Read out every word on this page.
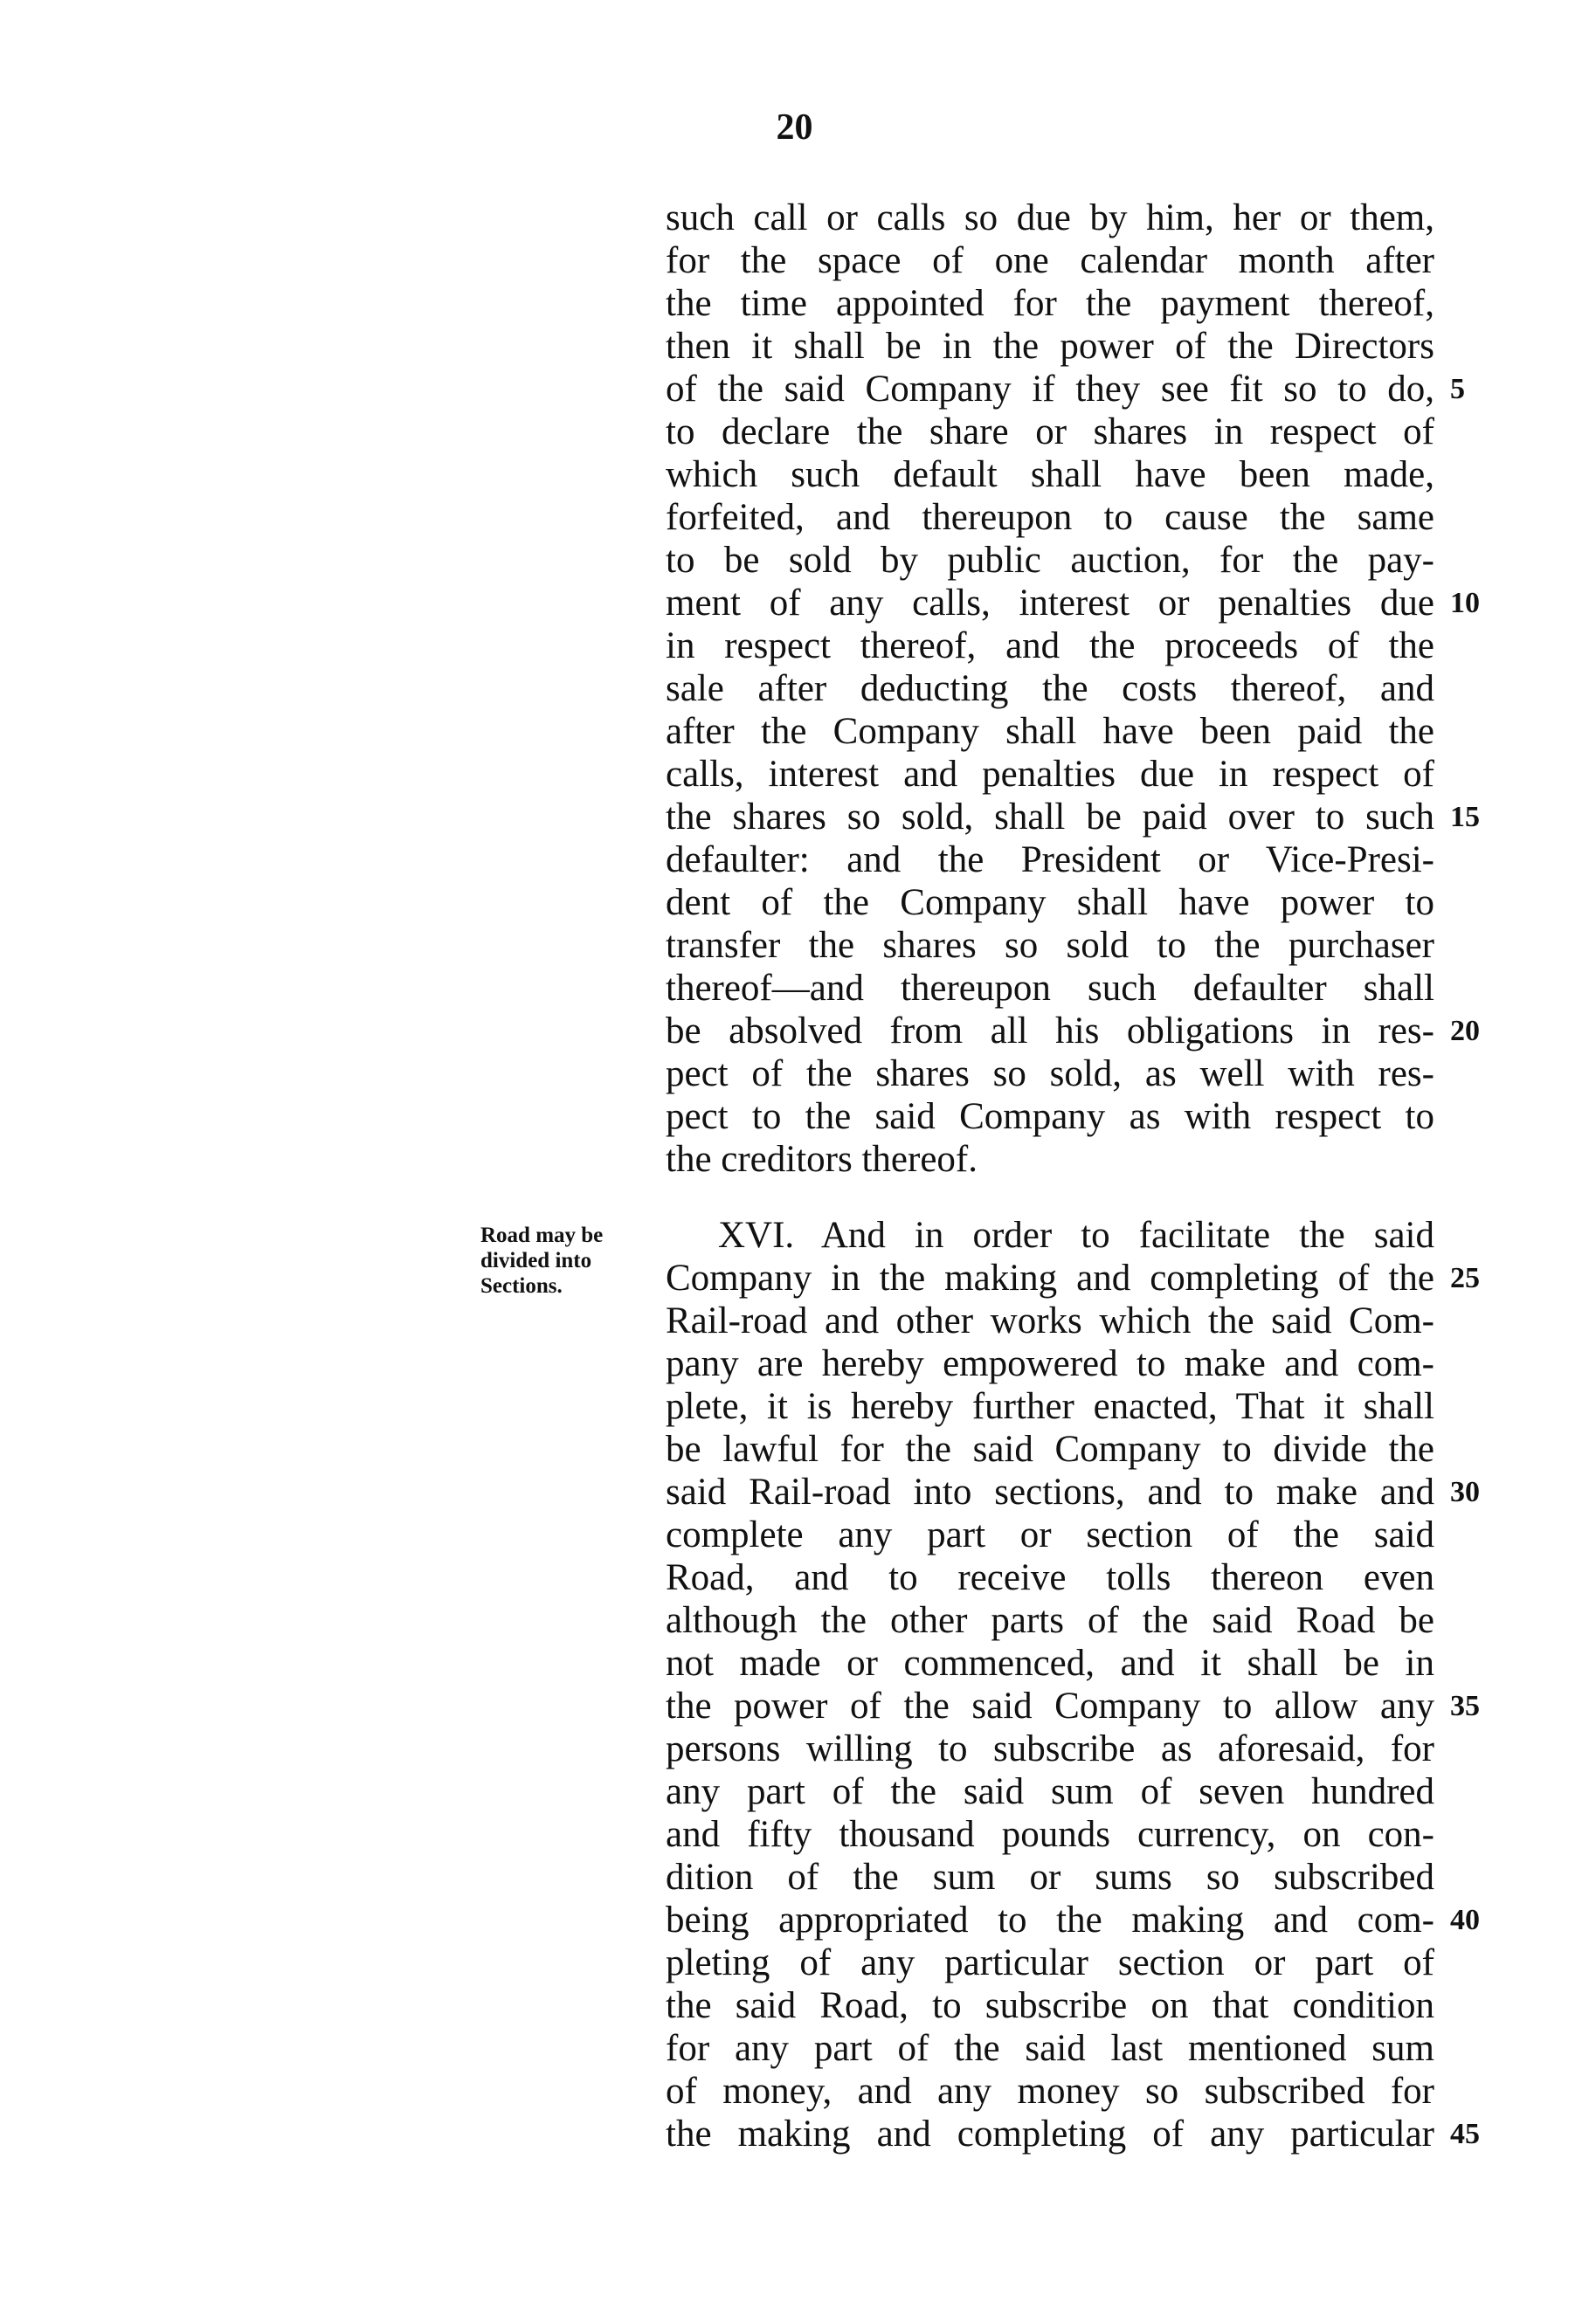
20
Road may be
divided into
Sections.
such call or calls so due by him, her or them,
for the space of one calendar month after
the time appointed for the payment thereof,
then it shall be in the power of the Directors
of the said Company if they see fit so to do,
to declare the share or shares in respect of
which such default shall have been made,
forfeited, and thereupon to cause the same
to be sold by public auction, for the pay-
ment of any calls, interest or penalties due
in respect thereof, and the proceeds of the
sale after deducting the costs thereof, and
after the Company shall have been paid the
calls, interest and penalties due in respect of
the shares so sold, shall be paid over to such
defaulter: and the President or Vice-Presi-
dent of the Company shall have power to
transfer the shares so sold to the purchaser
thereof—and thereupon such defaulter shall
be absolved from all his obligations in res-
pect of the shares so sold, as well with res-
pect to the said Company as with respect to
the creditors thereof.
5
10
15
20
XVI. And in order to facilitate the said
Company in the making and completing of the
Rail-road and other works which the said Com-
pany are hereby empowered to make and com-
plete, it is hereby further enacted, That it shall
be lawful for the said Company to divide the
said Rail-road into sections, and to make and
complete any part or section of the said
Road, and to receive tolls thereon even
although the other parts of the said Road be
not made or commenced, and it shall be in
the power of the said Company to allow any
persons willing to subscribe as aforesaid, for
any part of the said sum of seven hundred
and fifty thousand pounds currency, on con-
dition of the sum or sums so subscribed
being appropriated to the making and com-
pleting of any particular section or part of
the said Road, to subscribe on that condition
for any part of the said last mentioned sum
of money, and any money so subscribed for
the making and completing of any particular
25
30
35
40
45
